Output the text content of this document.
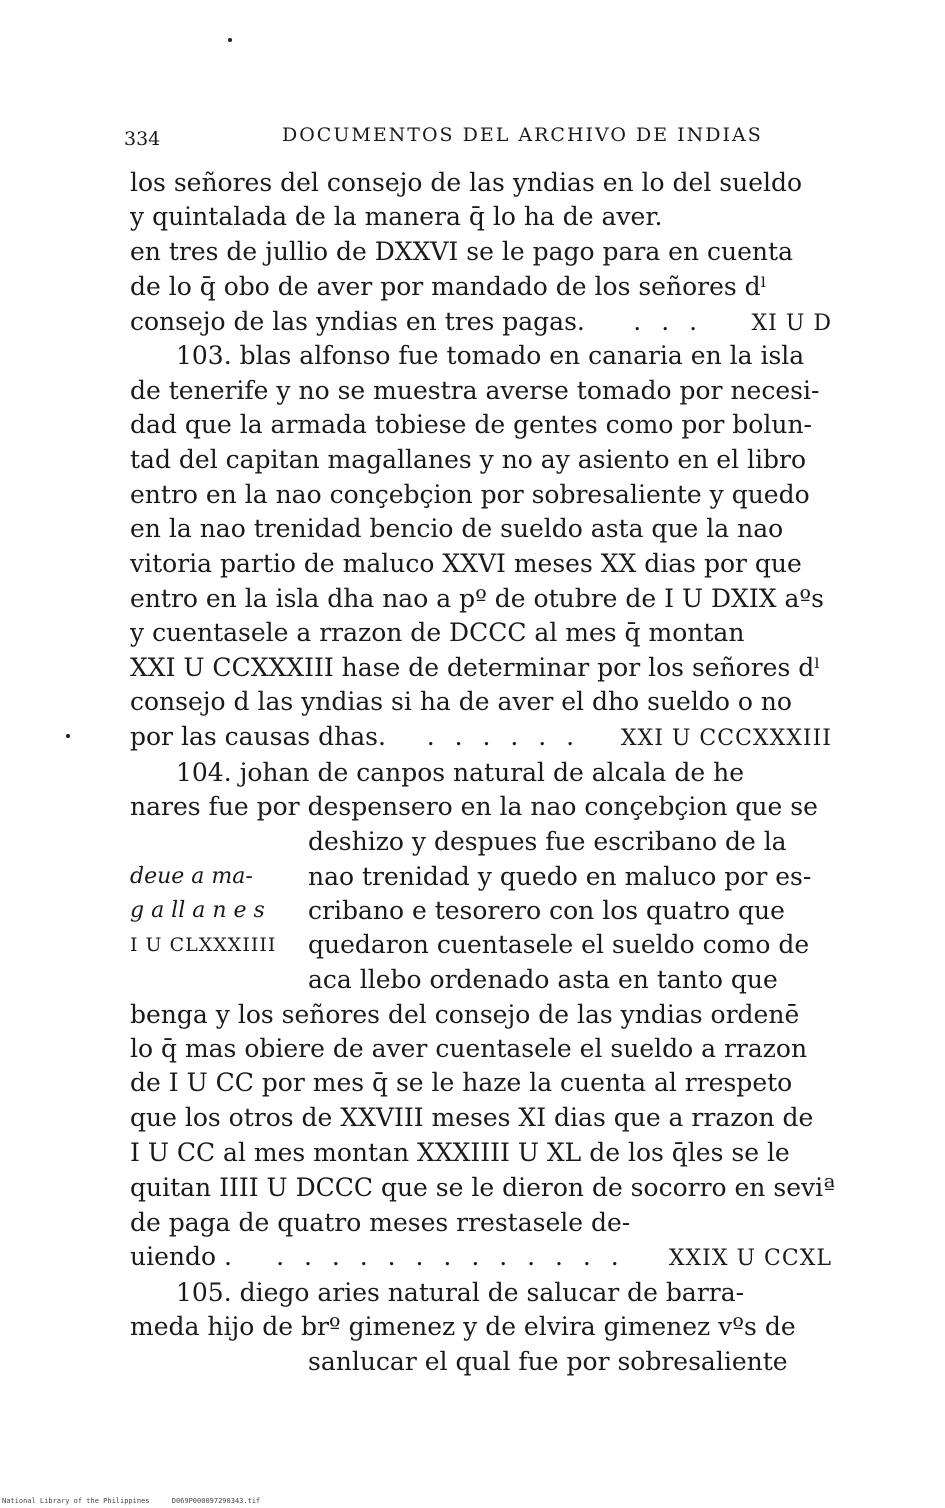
334	DOCUMENTOS DEL ARCHIVO DE INDIAS
los señores del consejo de las yndias en lo del sueldo
y quintalada de la manera q̄ lo ha de aver.
en tres de jullio de DXXVI se le pago para en cuenta
de lo q̄ obo de aver por mandado de los señores dˡ
consejo de las yndias en tres pagas.	. . .	XI U D
103. blas alfonso fue tomado en canaria en la isla
de tenerife y no se muestra averse tomado por necesi-
dad que la armada tobiese de gentes como por bolun-
tad del capitan magallanes y no ay asiento en el libro
entro en la nao conçebçion por sobresaliente y quedo
en la nao trenidad bencio de sueldo asta que la nao
vitoria partio de maluco XXVI meses XX dias por que
entro en la isla dha nao a pº de otubre de I U DXIX aºs
y cuentasele a rrazon de DCCC al mes q̄ montan
XXI U CCXXXIII hase de determinar por los señores dˡ
consejo d las yndias si ha de aver el dho sueldo o no
por las causas dhas.	. . . . . .	XXI U CCCXXXIII
104. johan de canpos natural de alcala de he
nares fue por despensero en la nao conçebçion que se
deshizo y despues fue escribano de la
nao trenidad y quedo en maluco por es-
cribano e tesorero con los quatro que
quedaron cuentasele el sueldo como de
aca llebo ordenado asta en tanto que
benga y los señores del consejo de las yndias ordenē
lo q̄ mas obiere de aver cuentasele el sueldo a rrazon
de I U CC por mes q̄ se le haze la cuenta al rrespeto
que los otros de XXVIII meses XI dias que a rrazon de
I U CC al mes montan XXXIIII U XL de los q̄les se le
quitan IIII U DCCC que se le dieron de socorro en seviª
de paga de quatro meses rrestasele de-
uiendo .	. . . . . . . . . . . . .	XXIX U CCXL
105. diego aries natural de salucar de barra-
meda hijo de brº gimenez y de elvira gimenez vºs de
sanlucar el qual fue por sobresaliente
deue a ma-
g a ll a n e s
I U CLXXXIIII
National Library of the Philippines	D069P000097290343.tif
